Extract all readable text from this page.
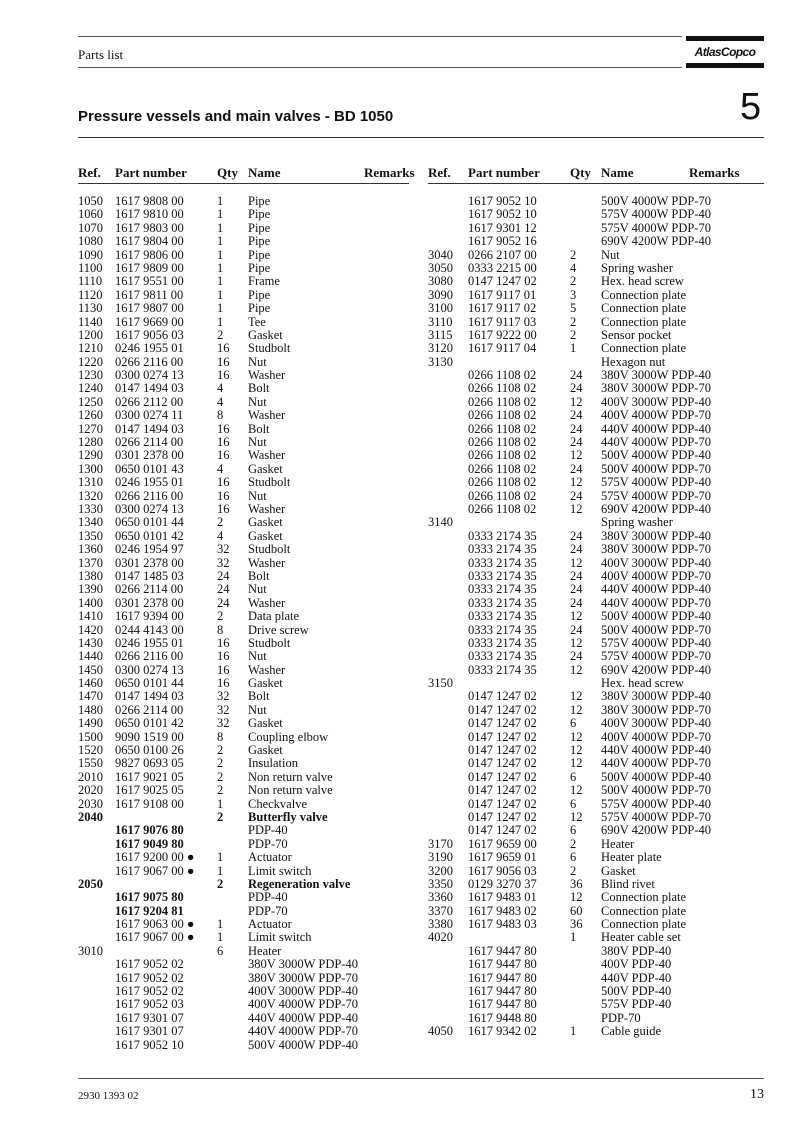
Parts list	AtlasCopco
Pressure vessels and main valves - BD 1050	5
Ref. Part number Qty Name	Remarks
1050 1617 9808 00	1 Pipe
1060 1617 9810 00	1 Pipe
1070 1617 9803 00	1 Pipe
1080 1617 9804 00	1 Pipe
1090 1617 9806 00	1 Pipe
1100 1617 9809 00	1 Pipe
1110 1617 9551 00	1 Frame
1120 1617 9811 00	1 Pipe
1130 1617 9807 00	1 Pipe
1140 1617 9669 00	1 Tee
1200 1617 9056 03	2 Gasket
1210 0246 1955 01	16 Studbolt
1220 0266 2116 00	16 Nut
1230 0300 0274 13	16 Washer
1240 0147 1494 03	4 Bolt
1250 0266 2112 00	4 Nut
1260 0300 0274 11	8 Washer
1270 0147 1494 03	16 Bolt
1280 0266 2114 00	16 Nut
1290 0301 2378 00	16 Washer
1300 0650 0101 43	4 Gasket
1310 0246 1955 01	16 Studbolt
1320 0266 2116 00	16 Nut
1330 0300 0274 13	16 Washer
1340 0650 0101 44	2 Gasket
1350 0650 0101 42	4 Gasket
1360 0246 1954 97	32 Studbolt
1370 0301 2378 00	32 Washer
1380 0147 1485 03	24 Bolt
1390 0266 2114 00	24 Nut
1400 0301 2378 00	24 Washer
1410 1617 9394 00	2 Data plate
1420 0244 4143 00	8 Drive screw
1430 0246 1955 01	16 Studbolt
1440 0266 2116 00	16 Nut
1450 0300 0274 13	16 Washer
1460 0650 0101 44	16 Gasket
1470 0147 1494 03	32 Bolt
1480 0266 2114 00	32 Nut
1490 0650 0101 42	32 Gasket
1500 9090 1519 00	8 Coupling elbow
1520 0650 0100 26	2 Gasket
1550 9827 0693 05	2 Insulation
2010 1617 9021 05	2 Non return valve
2020 1617 9025 05	2 Non return valve
2030 1617 9108 00	1 Checkvalve
2040	2 Butterfly valve
1617 9076 80	PDP-40
1617 9049 80	PDP-70
1617 9200 00 ● 1 Actuator
1617 9067 00 ● 1 Limit switch
2050	2 Regeneration valve
1617 9075 80	PDP-40
1617 9204 81	PDP-70
1617 9063 00 ● 1 Actuator
1617 9067 00 ● 1 Limit switch
3010	6 Heater
1617 9052 02	380V 3000W PDP-40
1617 9052 02	380V 3000W PDP-70
1617 9052 02	400V 3000W PDP-40
1617 9052 03	400V 4000W PDP-70
1617 9301 07	440V 4000W PDP-40
1617 9301 07	440V 4000W PDP-70
1617 9052 10	500V 4000W PDP-40
Ref. Part number Qty Name	Remarks
1617 9052 10	500V 4000W PDP-70
1617 9052 10	575V 4000W PDP-40
1617 9301 12	575V 4000W PDP-70
1617 9052 16	690V 4200W PDP-40
3040 0266 2107 00	2 Nut
3050 0333 2215 00	4 Spring washer
3080 0147 1247 02	2 Hex. head screw
3090 1617 9117 01	3 Connection plate
3100 1617 9117 02	5 Connection plate
3110 1617 9117 03	2 Connection plate
3115 1617 9222 00	2 Sensor pocket
3120 1617 9117 04	1 Connection plate
3130	Hexagon nut
0266 1108 02	24 380V 3000W PDP-40
0266 1108 02	24 380V 3000W PDP-70
0266 1108 02	12 400V 3000W PDP-40
0266 1108 02	24 400V 4000W PDP-70
0266 1108 02	24 440V 4000W PDP-40
0266 1108 02	24 440V 4000W PDP-70
0266 1108 02	12 500V 4000W PDP-40
0266 1108 02	24 500V 4000W PDP-70
0266 1108 02	12 575V 4000W PDP-40
0266 1108 02	24 575V 4000W PDP-70
0266 1108 02	12 690V 4200W PDP-40
3140	Spring washer
0333 2174 35	24 380V 3000W PDP-40
0333 2174 35	24 380V 3000W PDP-70
0333 2174 35	12 400V 3000W PDP-40
0333 2174 35	24 400V 4000W PDP-70
0333 2174 35	24 440V 4000W PDP-40
0333 2174 35	24 440V 4000W PDP-70
0333 2174 35	12 500V 4000W PDP-40
0333 2174 35	24 500V 4000W PDP-70
0333 2174 35	12 575V 4000W PDP-40
0333 2174 35	24 575V 4000W PDP-70
0333 2174 35	12 690V 4200W PDP-40
3150	Hex. head screw
0147 1247 02	12 380V 3000W PDP-40
0147 1247 02	12 380V 3000W PDP-70
0147 1247 02	6 400V 3000W PDP-40
0147 1247 02	12 400V 4000W PDP-70
0147 1247 02	12 440V 4000W PDP-40
0147 1247 02	12 440V 4000W PDP-70
0147 1247 02	6 500V 4000W PDP-40
0147 1247 02	12 500V 4000W PDP-70
0147 1247 02	6 575V 4000W PDP-40
0147 1247 02	12 575V 4000W PDP-70
0147 1247 02	6 690V 4200W PDP-40
3170 1617 9659 00	2 Heater
3190 1617 9659 01	6 Heater plate
3200 1617 9056 03	2 Gasket
3350 0129 3270 37	36 Blind rivet
3360 1617 9483 01	12 Connection plate
3370 1617 9483 02	60 Connection plate
3380 1617 9483 03	36 Connection plate
4020	1 Heater cable set
1617 9447 80	380V PDP-40
1617 9447 80	400V PDP-40
1617 9447 80	440V PDP-40
1617 9447 80	500V PDP-40
1617 9447 80	575V PDP-40
1617 9448 80	PDP-70
4050 1617 9342 02	1 Cable guide
2930 1393 02	13
